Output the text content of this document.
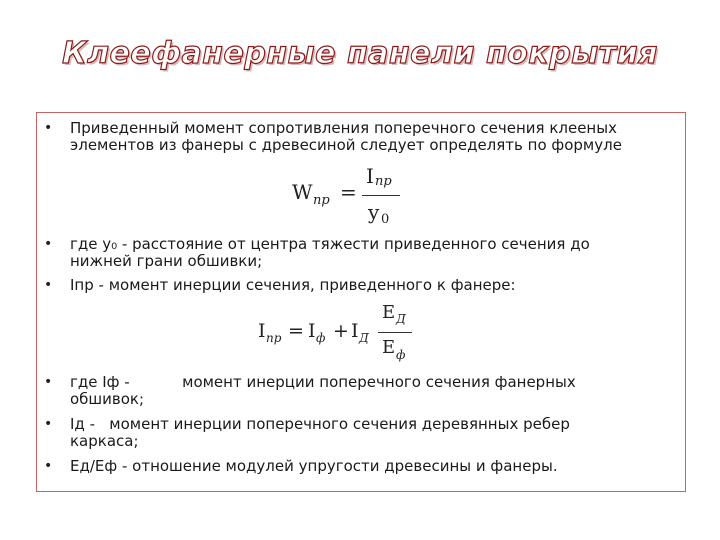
Клеефанерные панели покрытия
• Приведенный момент сопротивления поперечного сечения клееных
элементов из фанеры с древесиной следует определять по формуле
W пр =
I пр
y 0
• где y₀ - расстояние от центра тяжести приведенного сечения до
нижней грани обшивки;
• Iпр - момент инерции сечения, приведенного к фанере:
I пр = I ф + I Д
E Д
E ф
• где Iф -           момент инерции поперечного сечения фанерных
обшивок;
• Iд -   момент инерции поперечного сечения деревянных ребер
каркаса;
• Ед/Еф - отношение модулей упругости древесины и фанеры.
